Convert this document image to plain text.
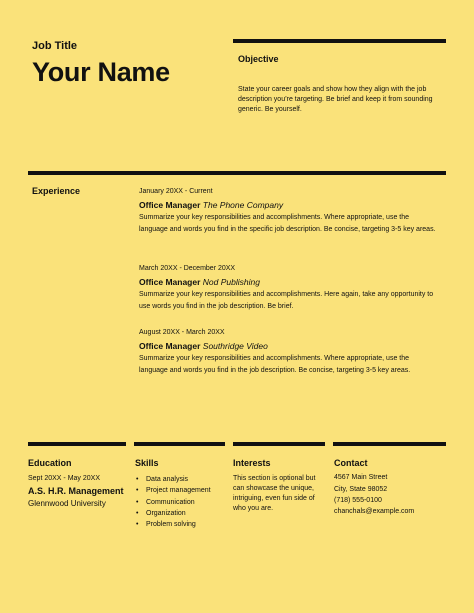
Job Title
Your Name	Objective
State your career goals and show how they align with the job description you’re targeting. Be brief and keep it from sounding generic. Be yourself.
Experience	January 20XX - Current
Office Manager The Phone Company
Summarize your key responsibilities and accomplishments. Where appropriate, use the language and words you find in the specific job description. Be concise, targeting 3-5 key areas.
March 20XX - December 20XX
Office Manager Nod Publishing
Summarize your key responsibilities and accomplishments. Here again, take any opportunity to use words you find in the job description. Be brief.
August 20XX - March 20XX
Office Manager Southridge Video
Summarize your key responsibilities and accomplishments. Where appropriate, use the language and words you find in the job description. Be concise, targeting 3-5 key areas.
Education
Sept 20XX - May 20XX
A.S. H.R. Management
Glennwood University
Skills
• Data analysis
• Project management
• Communication
• Organization
• Problem solving
Interests
This section is optional but can showcase the unique, intriguing, even fun side of who you are.
Contact
4567 Main Street
City, State 98052
(718) 555-0100
chanchals@example.com
